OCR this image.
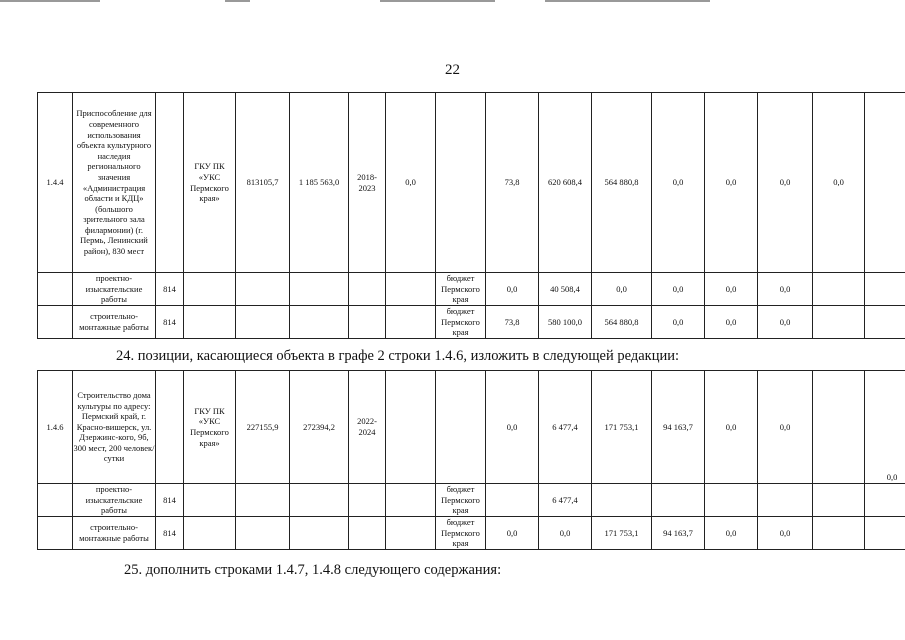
22
1.4.4	Приспособление для современного использования объекта культурного наследия регионального значения «Администрация области и КДЦ» (большого зрительного зала филармонии) (г. Пермь, Ленинский район), 830 мест		ГКУ ПК «УКС Пермского края»	813105,7	1 185 563,0	2018-2023	0,0		73,8	620 608,4	564 880,8	0,0	0,0	0,0	0,0	
	проектно-изыскательские работы	814						бюджет Пермского края	0,0	40 508,4	0,0	0,0	0,0	0,0		
	строительно-монтажные работы	814						бюджет Пермского края	73,8	580 100,0	564 880,8	0,0	0,0	0,0		
24. позиции, касающиеся объекта в графе 2 строки 1.4.6, изложить в следующей редакции:
1.4.6	Строительство дома культуры по адресу: Пермский край, г. Красно-вишерск, ул. Дзержинс-кого, 9б, 300 мест, 200 человек/сутки		ГКУ ПК «УКС Пермского края»	227155,9	272394,2	2022-2024			0,0	6 477,4	171 753,1	94 163,7	0,0	0,0		0,0
	проектно-изыскательские работы	814						бюджет Пермского края		6 477,4						
	строительно-монтажные работы	814						бюджет Пермского края	0,0	0,0	171 753,1	94 163,7	0,0	0,0		
25. дополнить строками 1.4.7, 1.4.8 следующего содержания:
